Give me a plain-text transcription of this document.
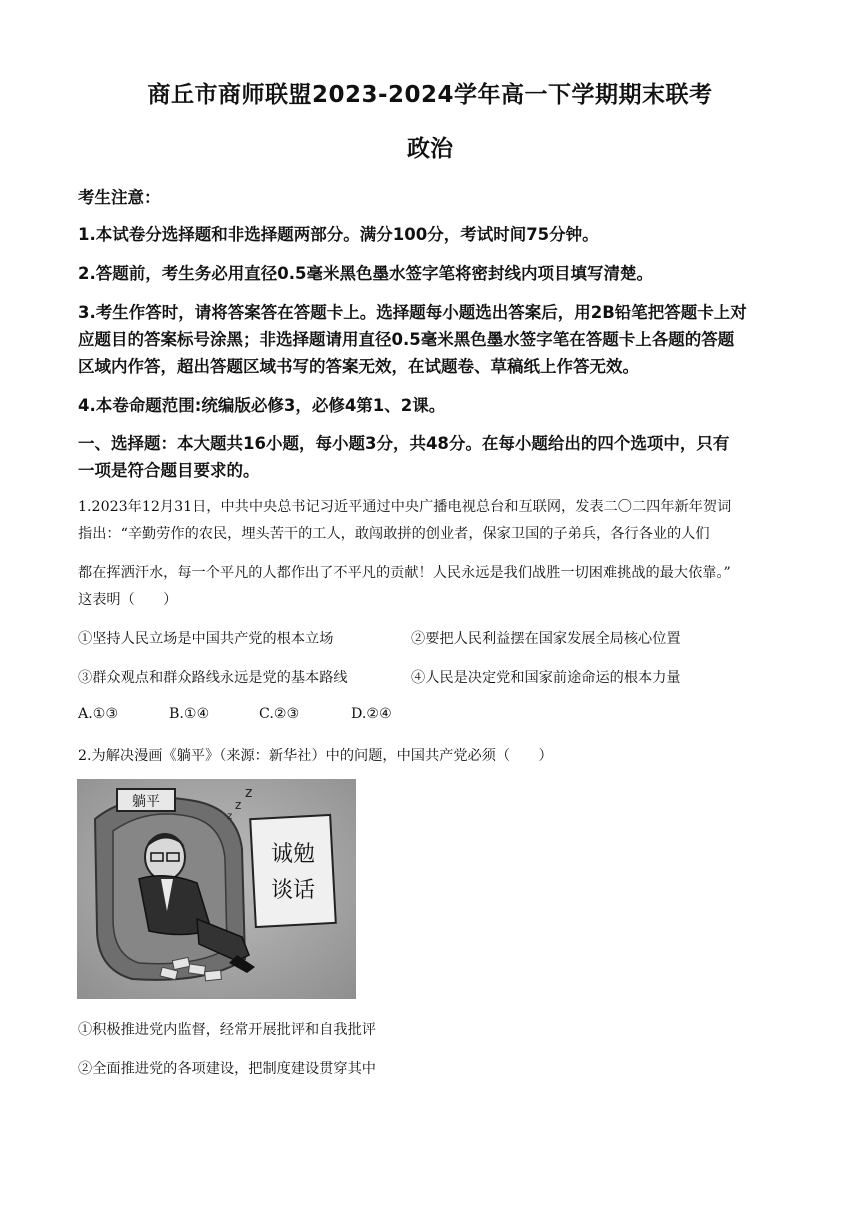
商丘市商师联盟2023-2024学年高一下学期期末联考
政治
考生注意：
1.本试卷分选择题和非选择题两部分。满分100分，考试时间75分钟。
2.答题前，考生务必用直径0.5毫米黑色墨水签字笔将密封线内项目填写清楚。
3.考生作答时，请将答案答在答题卡上。选择题每小题选出答案后，用2B铅笔把答题卡上对
应题目的答案标号涂黑；非选择题请用直径0.5毫米黑色墨水签字笔在答题卡上各题的答题
区域内作答，超出答题区域书写的答案无效，在试题卷、草稿纸上作答无效。
4.本卷命题范围:统编版必修3，必修4第1、2课。
一、选择题：本大题共16小题，每小题3分，共48分。在每小题给出的四个选项中，只有
一项是符合题目要求的。
1.2023年12月31日，中共中央总书记习近平通过中央广播电视总台和互联网，发表二〇二四年新年贺词
指出：“辛勤劳作的农民，埋头苦干的工人，敢闯敢拼的创业者，保家卫国的子弟兵，各行各业的人们
都在挥洒汗水，每一个平凡的人都作出了不平凡的贡献！人民永远是我们战胜一切困难挑战的最大依靠。”
这表明（　　）
①坚持人民立场是中国共产党的根本立场	②要把人民利益摆在国家发展全局核心位置
③群众观点和群众路线永远是党的基本路线	④人民是决定党和国家前途命运的根本力量
A.①③	B.①④	C.②③	D.②④
2.为解决漫画《躺平》（来源：新华社）中的问题，中国共产党必须（　　）
躺平
诚勉
谈话
z
z
z
①积极推进党内监督，经常开展批评和自我批评
②全面推进党的各项建设，把制度建设贯穿其中
